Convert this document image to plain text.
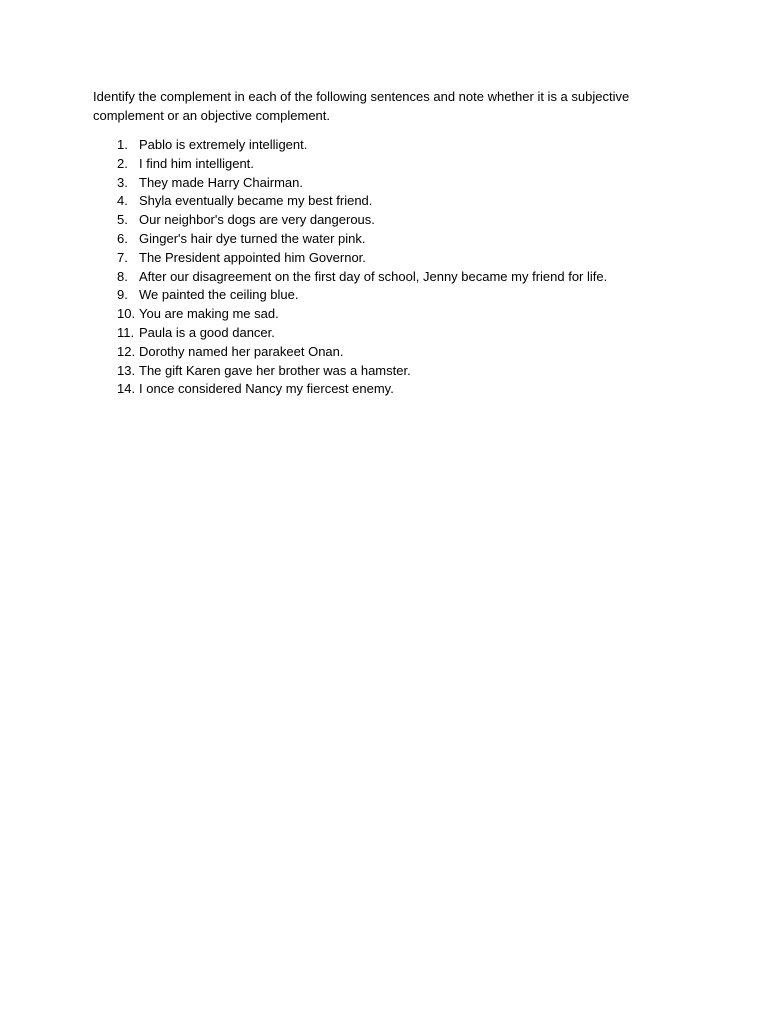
Identify the complement in each of the following sentences and note whether it is a subjective complement or an objective complement.

1. Pablo is extremely intelligent.
2. I find him intelligent.
3. They made Harry Chairman.
4. Shyla eventually became my best friend.
5. Our neighbor's dogs are very dangerous.
6. Ginger's hair dye turned the water pink.
7. The President appointed him Governor.
8. After our disagreement on the first day of school, Jenny became my friend for life.
9. We painted the ceiling blue.
10. You are making me sad.
11. Paula is a good dancer.
12. Dorothy named her parakeet Onan.
13. The gift Karen gave her brother was a hamster.
14. I once considered Nancy my fiercest enemy.
